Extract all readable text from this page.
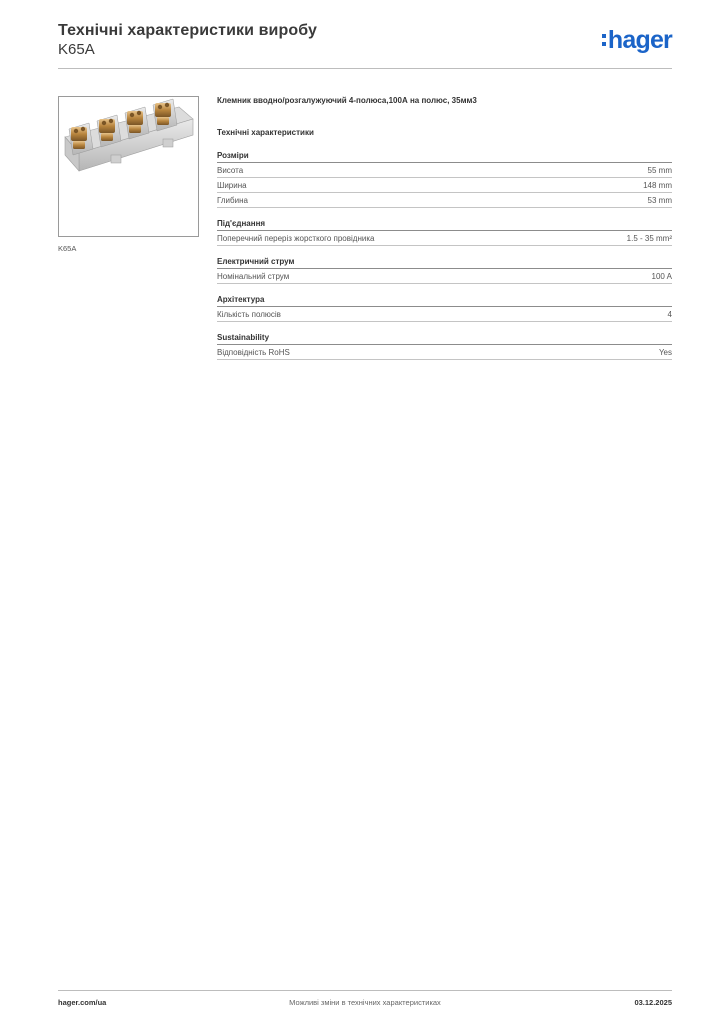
Технічні характеристики виробу
K65A	hager
K65A
Клемник вводно/розгалужуючий 4-полюса,100А на полюс, 35мм3
Технічні характеристики
Розміри
Висота	55 mm
Ширина	148 mm
Глибина	53 mm
Під'єднання
Поперечний переріз жорсткого провідника	1.5 - 35 mm²
Електричний струм
Номінальний струм	100 A
Архітектура
Кількість полюсів	4
Sustainability
Відповідність RoHS	Yes
hager.com/ua	Можливі зміни в технічних характеристиках	03.12.2025
